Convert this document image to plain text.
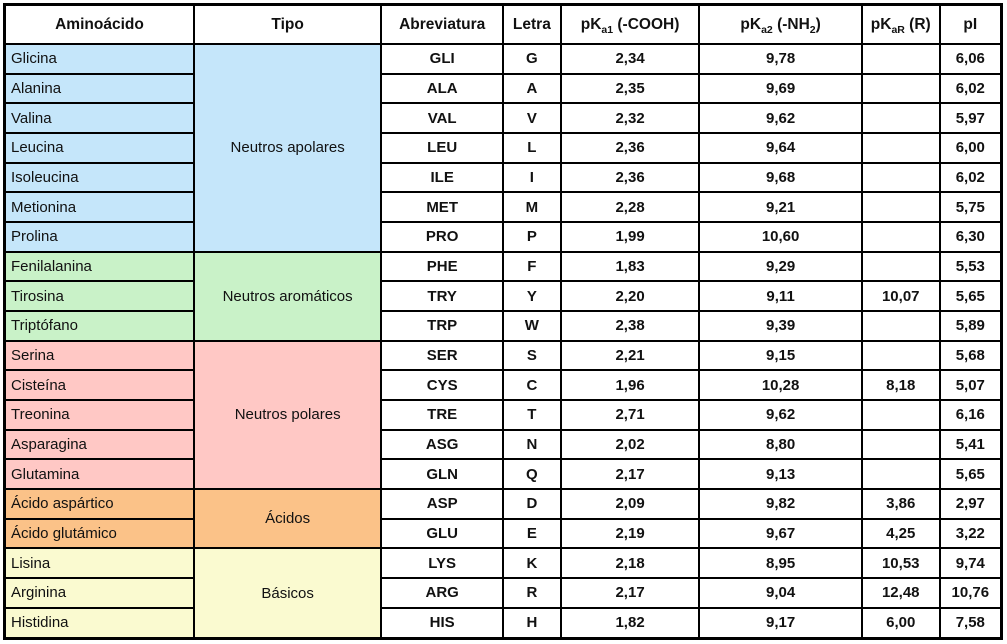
Aminoácido	Tipo	Abreviatura	Letra	$pK_{a1}$ (-COOH)	$pK_{a2}$ $(-NH_2)$	$pK_{aR}$ (R)	pI
Glicina	Neutros apolares	GLI	G	2,34	9,78		6,06
Alanina		ALA	A	2,35	9,69		6,02
Valina		VAL	V	2,32	9,62		5,97
Leucina		LEU	L	2,36	9,64		6,00
Isoleucina		ILE	I	2,36	9,68		6,02
Metionina		MET	M	2,28	9,21		5,75
Prolina		PRO	P	1,99	10,60		6,30
Fenilalanina	Neutros aromáticos	PHE	F	1,83	9,29		5,53
Tirosina		TRY	Y	2,20	9,11	10,07	5,65
Triptófano		TRP	W	2,38	9,39		5,89
Serina	Neutros polares	SER	S	2,21	9,15		5,68
Cisteína		CYS	C	1,96	10,28	8,18	5,07
Treonina		TRE	T	2,71	9,62		6,16
Asparagina		ASG	N	2,02	8,80		5,41
Glutamina		GLN	Q	2,17	9,13		5,65
Ácido aspártico	Ácidos	ASP	D	2,09	9,82	3,86	2,97
Ácido glutámico		GLU	E	2,19	9,67	4,25	3,22
Lisina	Básicos	LYS	K	2,18	8,95	10,53	9,74
Arginina		ARG	R	2,17	9,04	12,48	10,76
Histidina		HIS	H	1,82	9,17	6,00	7,58
